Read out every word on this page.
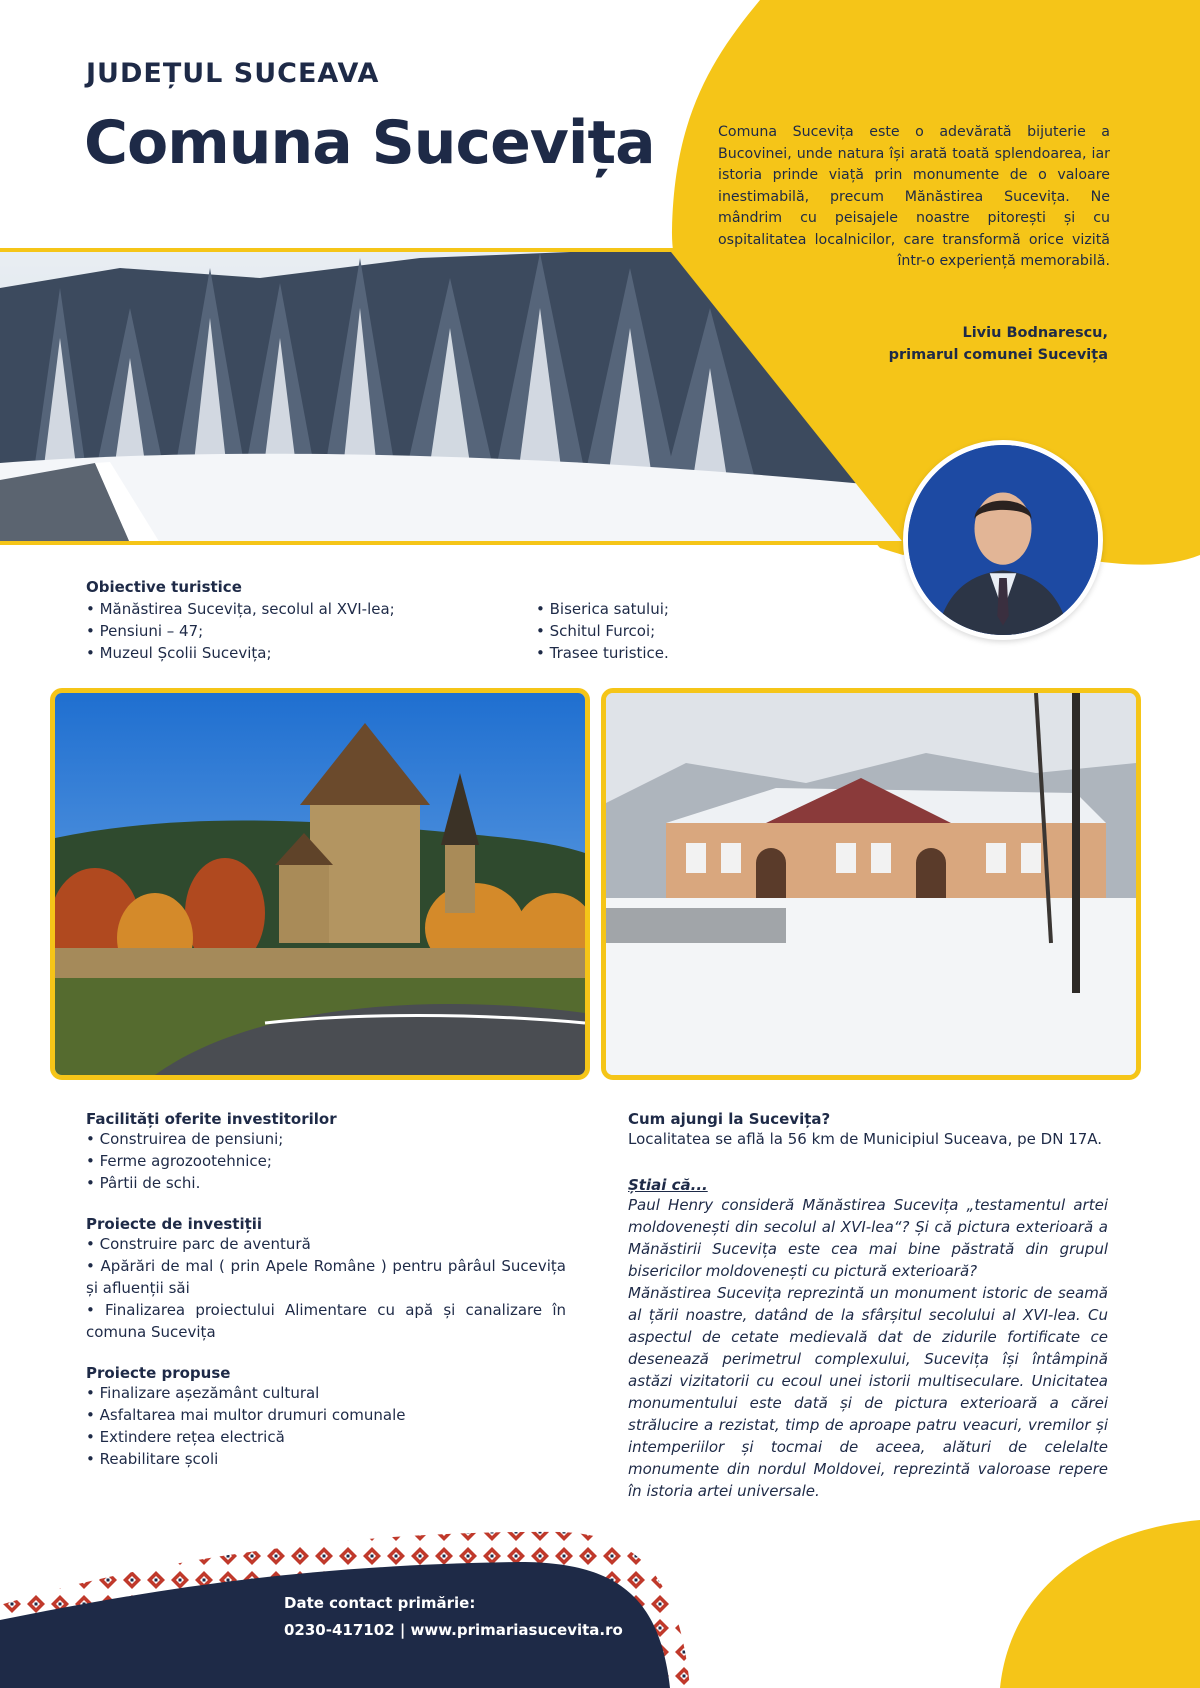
JUDEȚUL SUCEAVA
Comuna Sucevița	Comuna Sucevița este o adevărată bijuterie a Bucovinei, unde natura își arată toată splendoarea, iar istoria prinde viață prin monumente de o valoare inestimabilă, precum Mănăstirea Sucevița. Ne mândrim cu peisajele noastre pitorești și cu ospitalitatea localnicilor, care transformă orice vizită într-o experiență memorabilă.
Liviu Bodnarescu,
primarul comunei Sucevița
Obiective turistice
• Mănăstirea Sucevița, secolul al XVI-lea;
• Pensiuni – 47;
• Muzeul Școlii Sucevița;
• Biserica satului;
• Schitul Furcoi;
• Trasee turistice.
Facilități oferite investitorilor
• Construirea de pensiuni;
• Ferme agrozootehnice;
• Pârtii de schi.
Proiecte de investiții
• Construire parc de aventură
• Apărări de mal ( prin Apele Române ) pentru pârâul Sucevița și afluenții săi
• Finalizarea proiectului Alimentare cu apă și canalizare în comuna Sucevița
Proiecte propuse
• Finalizare așezământ cultural
• Asfaltarea mai multor drumuri comunale
• Extindere rețea electrică
• Reabilitare școli
Cum ajungi la Sucevița?
Localitatea se află la 56 km de Municipiul Suceava, pe DN 17A.
Știai că...
Paul Henry consideră Mănăstirea Sucevița „testamentul artei moldovenești din secolul al XVI-lea“? Și că pictura exterioară a Mănăstirii Sucevița este cea mai bine păstrată din grupul bisericilor moldovenești cu pictură exterioară?
Mănăstirea Sucevița reprezintă un monument istoric de seamă al țării noastre, datând de la sfârșitul secolului al XVI-lea. Cu aspectul de cetate medievală dat de zidurile fortificate ce desenează perimetrul complexului, Sucevița își întâmpină astăzi vizitatorii cu ecoul unei istorii multiseculare. Unicitatea monumentului este dată și de pictura exterioară a cărei strălucire a rezistat, timp de aproape patru veacuri, vremilor și intemperiilor și tocmai de aceea, alături de celelalte monumente din nordul Moldovei, reprezintă valoroase repere în istoria artei universale.
Date contact primărie:
0230-417102 | www.primariasucevita.ro
